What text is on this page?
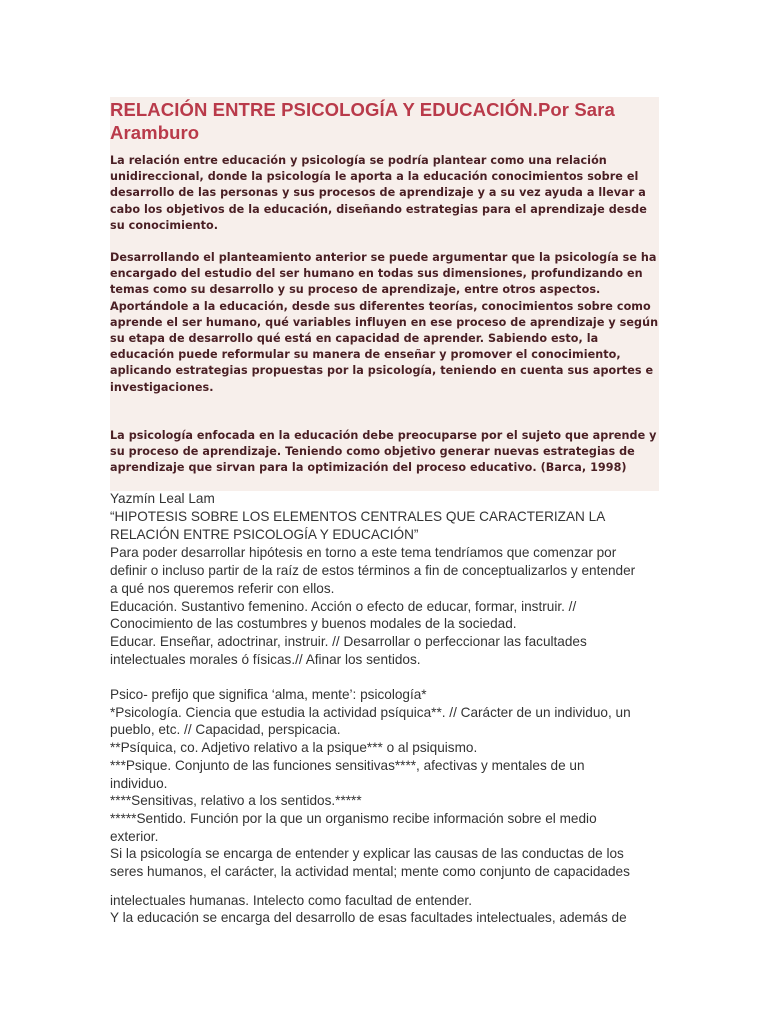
RELACIÓN ENTRE PSICOLOGÍA Y EDUCACIÓN.Por Sara Aramburo

La relación entre educación y psicología se podría plantear como una relación unidireccional, donde la psicología le aporta a la educación conocimientos sobre el desarrollo de las personas y sus procesos de aprendizaje y a su vez ayuda a llevar a cabo los objetivos de la educación, diseñando estrategias para el aprendizaje desde su conocimiento.

Desarrollando el planteamiento anterior se puede argumentar que la psicología se ha encargado del estudio del ser humano en todas sus dimensiones, profundizando en temas como su desarrollo y su proceso de aprendizaje, entre otros aspectos. Aportándole a la educación, desde sus diferentes teorías, conocimientos sobre como aprende el ser humano, qué variables influyen en ese proceso de aprendizaje y según su etapa de desarrollo qué está en capacidad de aprender. Sabiendo esto, la educación puede reformular su manera de enseñar y promover el conocimiento, aplicando estrategias propuestas por la psicología, teniendo en cuenta sus aportes e investigaciones.

La psicología enfocada en la educación debe preocuparse por el sujeto que aprende y su proceso de aprendizaje. Teniendo como objetivo generar nuevas estrategias de aprendizaje que sirvan para la optimización del proceso educativo. (Barca, 1998)

Yazmín Leal Lam

“HIPOTESIS SOBRE LOS ELEMENTOS CENTRALES QUE CARACTERIZAN LA

RELACIÓN ENTRE PSICOLOGÍA Y EDUCACIÓN”

Para poder desarrollar hipótesis en torno a este tema tendríamos que comenzar por

definir o incluso partir de la raíz de estos términos a fin de conceptualizarlos y entender

a qué nos queremos referir con ellos.

Educación. Sustantivo femenino. Acción o efecto de educar, formar, instruir. //

Conocimiento de las costumbres y buenos modales de la sociedad.

Educar. Enseñar, adoctrinar, instruir. // Desarrollar o perfeccionar las facultades

intelectuales morales ó físicas.// Afinar los sentidos.

Psico- prefijo que significa ‘alma, mente’: psicología*

*Psicología. Ciencia que estudia la actividad psíquica**. // Carácter de un individuo, un

pueblo, etc. // Capacidad, perspicacia.

**Psíquica, co. Adjetivo relativo a la psique*** o al psiquismo.

***Psique. Conjunto de las funciones sensitivas****, afectivas y mentales de un

individuo.

****Sensitivas, relativo a los sentidos.*****

*****Sentido. Función por la que un organismo recibe información sobre el medio

exterior.

Si la psicología se encarga de entender y explicar las causas de las conductas de los

seres humanos, el carácter, la actividad mental; mente como conjunto de capacidades

intelectuales humanas. Intelecto como facultad de entender.

Y la educación se encarga del desarrollo de esas facultades intelectuales, además de
